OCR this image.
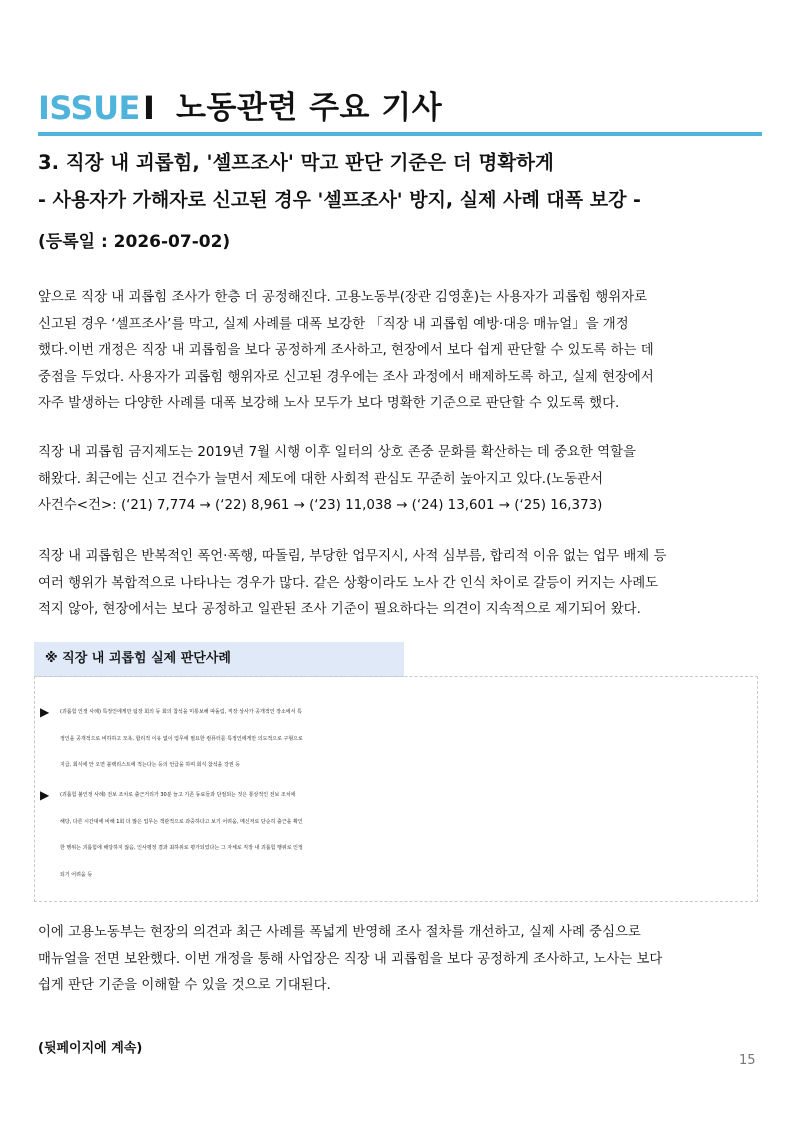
ISSUE I 노동관련 주요 기사
3. 직장 내 괴롭힘, '셀프조사' 막고 판단 기준은 더 명확하게
- 사용자가 가해자로 신고된 경우 '셀프조사' 방지, 실제 사례 대폭 보강 -
(등록일 : 2026-07-02)

앞으로 직장 내 괴롭힘 조사가 한층 더 공정해진다. 고용노동부(장관 김영훈)는 사용자가 괴롭힘 행위자로
신고된 경우 ‘셀프조사’를 막고, 실제 사례를 대폭 보강한 「직장 내 괴롭힘 예방·대응 매뉴얼」을 개정
했다.이번 개정은 직장 내 괴롭힘을 보다 공정하게 조사하고, 현장에서 보다 쉽게 판단할 수 있도록 하는 데
중점을 두었다. 사용자가 괴롭힘 행위자로 신고된 경우에는 조사 과정에서 배제하도록 하고, 실제 현장에서
자주 발생하는 다양한 사례를 대폭 보강해 노사 모두가 보다 명확한 기준으로 판단할 수 있도록 했다.

직장 내 괴롭힘 금지제도는 2019년 7월 시행 이후 일터의 상호 존중 문화를 확산하는 데 중요한 역할을
해왔다. 최근에는 신고 건수가 늘면서 제도에 대한 사회적 관심도 꾸준히 높아지고 있다.(노동관서
사건수<건>: (‘21) 7,774 → (‘22) 8,961 → (‘23) 11,038 → (‘24) 13,601 → (‘25) 16,373)

직장 내 괴롭힘은 반복적인 폭언·폭행, 따돌림, 부당한 업무지시, 사적 심부름, 합리적 이유 없는 업무 배제 등
여러 행위가 복합적으로 나타나는 경우가 많다. 같은 상황이라도 노사 간 인식 차이로 갈등이 커지는 사례도
적지 않아, 현장에서는 보다 공정하고 일관된 조사 기준이 필요하다는 의견이 지속적으로 제기되어 왔다.

※ 직장 내 괴롭힘 실제 판단사례
▶	(괴롭힘 인정 사례) 특정인에게만 팀장 회의 등 회의 참석을 미통보해 따돌림, 직장 상사가 공개적인 장소에서 특
정인을 공개적으로 비하하고 모욕, 합리적 이유 없이 업무에 필요한 컴퓨터를 특정인에게만 의도적으로 구형으로
지급, 회식에 안 오면 블랙리스트에 적는다는 등의 언급을 하며 회식 참석을 강권 등
▶	(괴롭힘 불인정 사례) 전보 조치로 출근거리가 30분 늘고 기존 동료들과 단절되는 것은 통상적인 전보 조치에
해당, 다른 시간대에 비해 1회 더 많은 업무는 객관적으로 과중하다고 보기 어려움, 메신저로 단순히 출근을 확인
한 행위는 괴롭힘에 해당하지 않음, 인사평정 결과 최하위로 평가되었다는 그 자체로 직장 내 괴롭힘 행위로 인정
되기 어려움 등

이에 고용노동부는 현장의 의견과 최근 사례를 폭넓게 반영해 조사 절차를 개선하고, 실제 사례 중심으로
매뉴얼을 전면 보완했다. 이번 개정을 통해 사업장은 직장 내 괴롭힘을 보다 공정하게 조사하고, 노사는 보다
쉽게 판단 기준을 이해할 수 있을 것으로 기대된다.

(뒷페이지에 계속)
15
